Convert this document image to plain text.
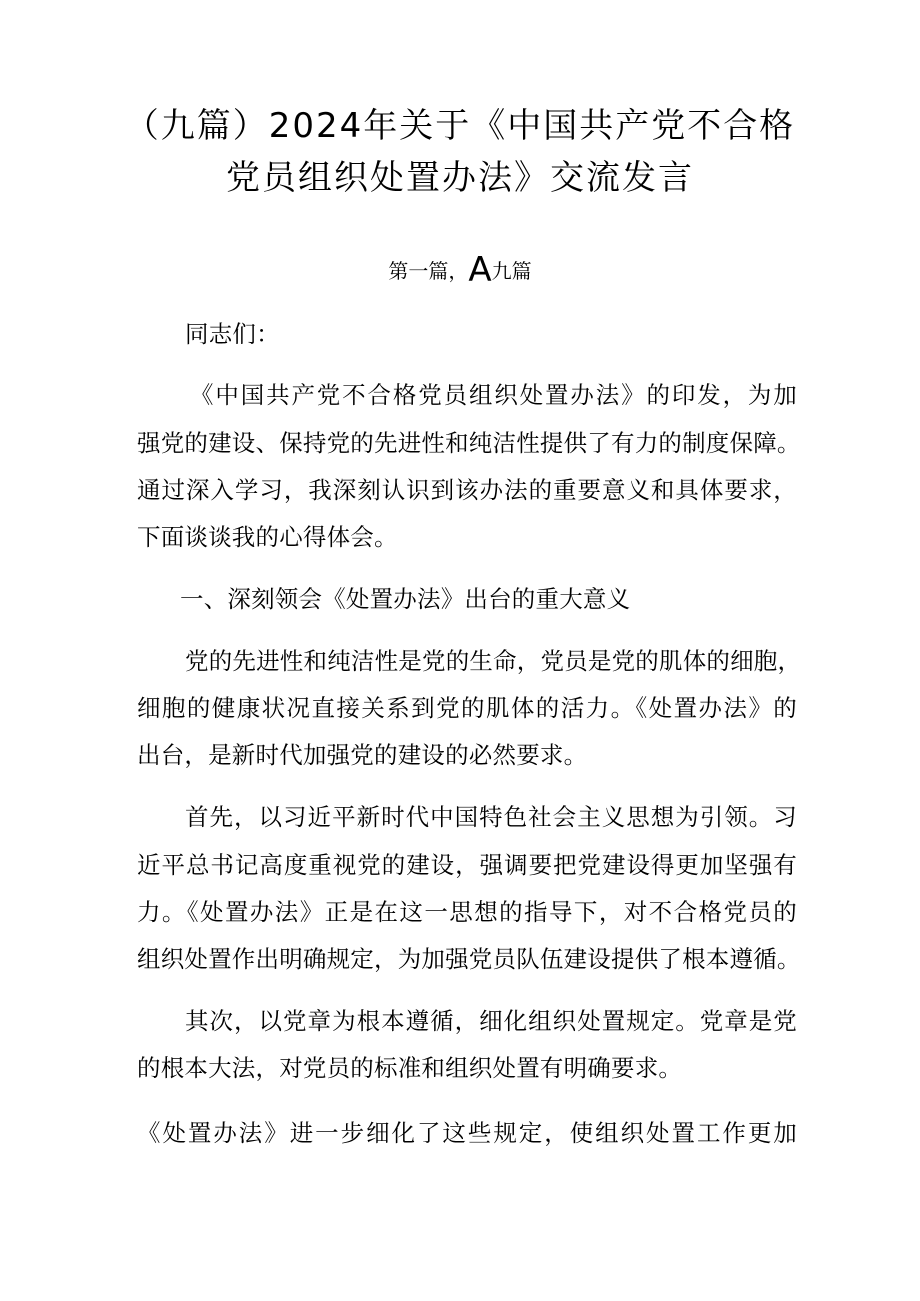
（九篇）2024年关于《中国共产党不合格
党员组织处置办法》交流发言
第一篇，A九篇
同志们：
《中国共产党不合格党员组织处置办法》的印发，为加
强党的建设、保持党的先进性和纯洁性提供了有力的制度保障。
通过深入学习，我深刻认识到该办法的重要意义和具体要求，
下面谈谈我的心得体会。
一、深刻领会《处置办法》出台的重大意义
党的先进性和纯洁性是党的生命，党员是党的肌体的细胞，
细胞的健康状况直接关系到党的肌体的活力。《处置办法》的
出台，是新时代加强党的建设的必然要求。
首先，以习近平新时代中国特色社会主义思想为引领。习
近平总书记高度重视党的建设，强调要把党建设得更加坚强有
力。《处置办法》正是在这一思想的指导下，对不合格党员的
组织处置作出明确规定，为加强党员队伍建设提供了根本遵循。
其次，以党章为根本遵循，细化组织处置规定。党章是党
的根本大法，对党员的标准和组织处置有明确要求。
《处置办法》进一步细化了这些规定，使组织处置工作更加
